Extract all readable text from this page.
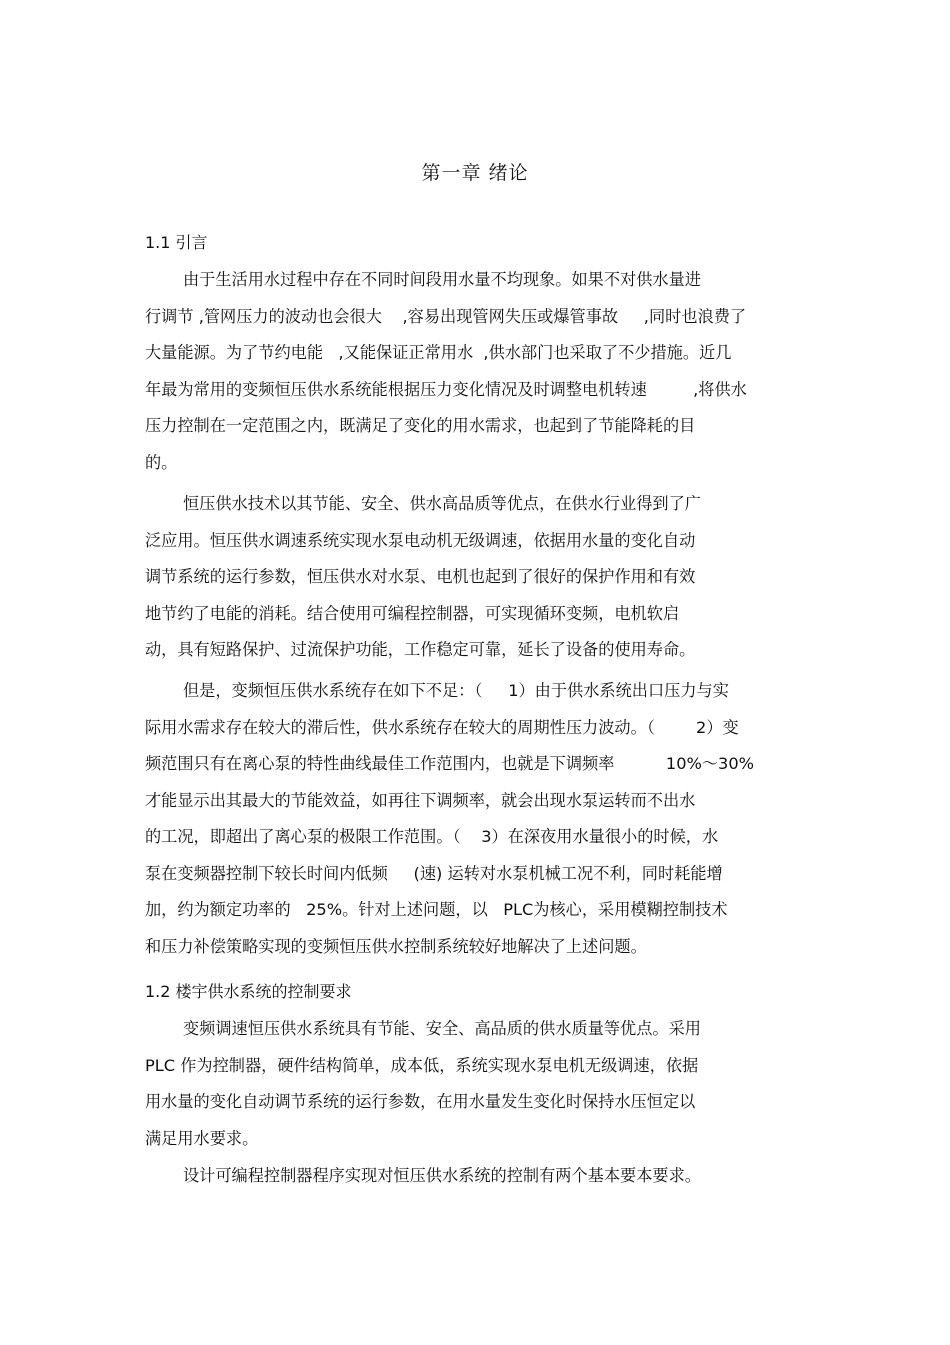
第一章 绪论
1.1 引言
由于生活用水过程中存在不同时间段用水量不均现象。如果不对供水量进
行调节 ,管网压力的波动也会很大    ,容易出现管网失压或爆管事故     ,同时也浪费了
大量能源。为了节约电能   ,又能保证正常用水  ,供水部门也采取了不少措施。近几
年最为常用的变频恒压供水系统能根据压力变化情况及时调整电机转速         ,将供水
压力控制在一定范围之内，既满足了变化的用水需求，也起到了节能降耗的目
的。
恒压供水技术以其节能、安全、供水高品质等优点，在供水行业得到了广
泛应用。恒压供水调速系统实现水泵电动机无级调速，依据用水量的变化自动
调节系统的运行参数，恒压供水对水泵、电机也起到了很好的保护作用和有效
地节约了电能的消耗。结合使用可编程控制器，可实现循环变频，电机软启
动，具有短路保护、过流保护功能，工作稳定可靠，延长了设备的使用寿命。
但是，变频恒压供水系统存在如下不足：（     1）由于供水系统出口压力与实
际用水需求存在较大的滞后性，供水系统存在较大的周期性压力波动。（        2）变
频范围只有在离心泵的特性曲线最佳工作范围内，也就是下调频率          10%～30%
才能显示出其最大的节能效益，如再往下调频率，就会出现水泵运转而不出水
的工况，即超出了离心泵的极限工作范围。（    3）在深夜用水量很小的时候，水
泵在变频器控制下较长时间内低频     (速) 运转对水泵机械工况不利，同时耗能增
加，约为额定功率的   25%。针对上述问题，以   PLC为核心，采用模糊控制技术
和压力补偿策略实现的变频恒压供水控制系统较好地解决了上述问题。
1.2 楼宇供水系统的控制要求
变频调速恒压供水系统具有节能、安全、高品质的供水质量等优点。采用
PLC 作为控制器，硬件结构简单，成本低，系统实现水泵电机无级调速，依据
用水量的变化自动调节系统的运行参数，在用水量发生变化时保持水压恒定以
满足用水要求。
设计可编程控制器程序实现对恒压供水系统的控制有两个基本要本要求。
